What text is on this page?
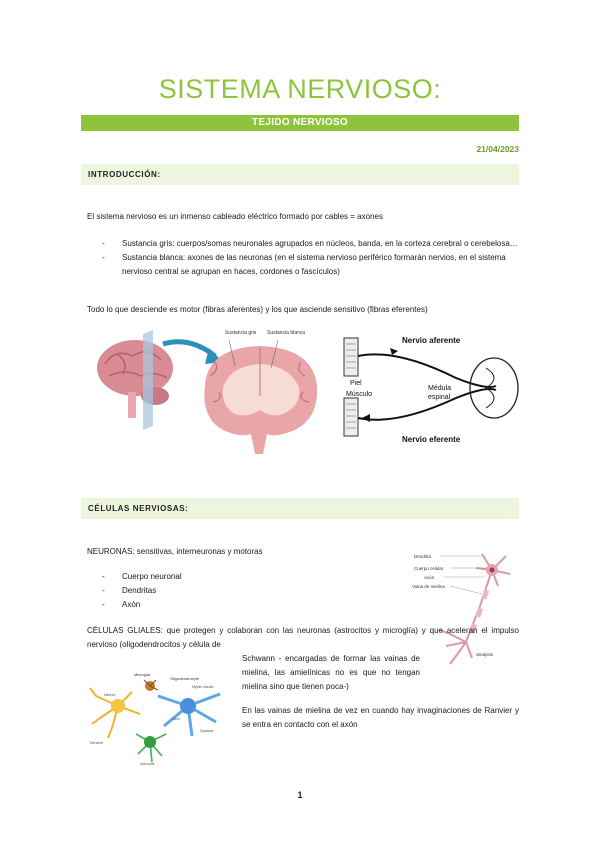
SISTEMA NERVIOSO:
TEJIDO NERVIOSO
21/04/2023
INTRODUCCIÓN:
El sistema nervioso es un inmenso cableado eléctrico formado por cables = axones
- Sustancia gris: cuerpos/somas neuronales agrupados en núcleos, banda, en la corteza cerebral o cerebelosa…
- Sustancia blanca: axones de las neuronas (en el sistema nervioso periférico formarán nervios, en el sistema nervioso central se agrupan en haces, cordones o fascículos)
Todo lo que desciende es motor (fibras aferentes) y los que asciende sensitivo (fibras eferentes)
Sustancia gris Sustancia blanca
Nervio aferente
Piel
Músculo
Médula
espinal
Nervio eferente
CÉLULAS NERVIOSAS:
NEURONAS: sensitivas, interneuronas y motoras
- Cuerpo neuronal
- Dendritas
- Axón
Dendrita
Cuerpo celular
Axón
Vaina de mielina
Sinapsis
CÉLULAS GLIALES: que protegen y colaboran con las neuronas (astrocitos y microglía) y que aceleran el impulso nervioso (oligodendrocitos y célula de
Schwann - encargadas de formar las vainas de mielina, las amielínicas no es que no tengan mielina sino que tienen poca-)
En las vainas de mielina de vez en cuando hay invaginaciones de Ranvier y se entra en contacto con el axón
Microglia
Oligodendrocyte
Myelin sheath
Neuron
Dendrite
Axon
Synapse
Astrocyte
1
